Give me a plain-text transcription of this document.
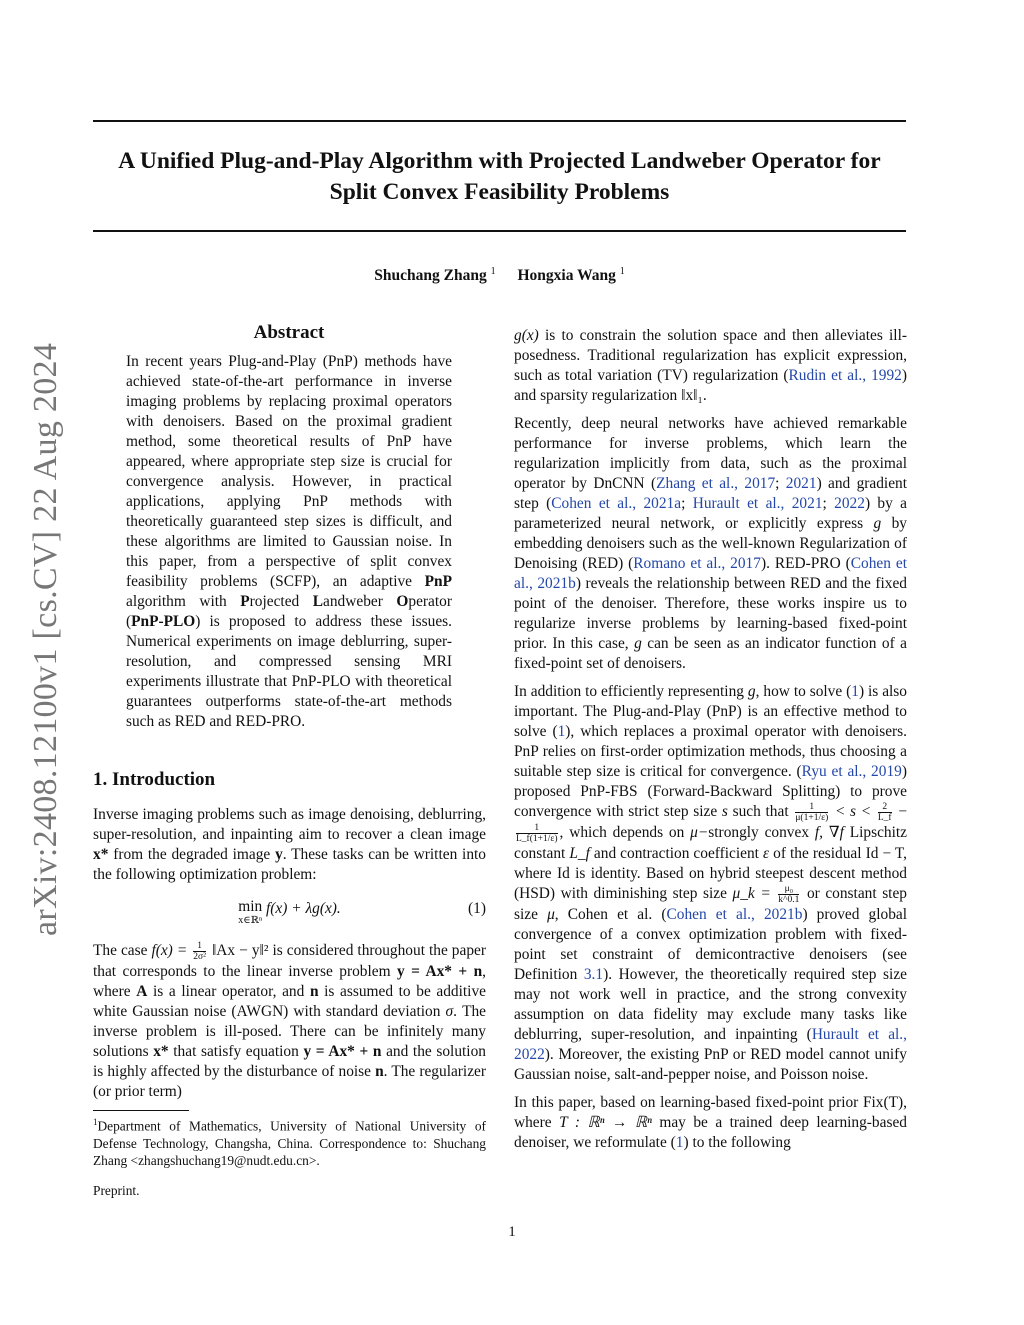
arXiv:2408.12100v1 [cs.CV] 22 Aug 2024
A Unified Plug-and-Play Algorithm with Projected Landweber Operator for
Split Convex Feasibility Problems
Shuchang Zhang $^1$ Hongxia Wang $^1$
Abstract
In recent years Plug-and-Play (PnP) methods have achieved state-of-the-art performance in inverse imaging problems by replacing proximal operators with denoisers. Based on the proximal gradient method, some theoretical results of PnP have appeared, where appropriate step size is crucial for convergence analysis. However, in practical applications, applying PnP methods with theoretically guaranteed step sizes is difficult, and these algorithms are limited to Gaussian noise. In this paper, from a perspective of split convex feasibility problems (SCFP), an adaptive PnP algorithm with Projected Landweber Operator (PnP-PLO) is proposed to address these issues. Numerical experiments on image deblurring, super-resolution, and compressed sensing MRI experiments illustrate that PnP-PLO with theoretical guarantees outperforms state-of-the-art methods such as RED and RED-PRO.
1. Introduction
Inverse imaging problems such as image denoising, deblurring, super-resolution, and inpainting aim to recover a clean image x* from the degraded image y. These tasks can be written into the following optimization problem:
min
x∈ℝⁿ
f(x) + λg(x).	(1)
The case $f(x) = \frac{1}{\text{2σ²}}$ ‖Ax − y‖² is considered throughout the paper that corresponds to the linear inverse problem y = Ax* + n, where A is a linear operator, and n is assumed to be additive white Gaussian noise (AWGN) with standard deviation σ. The inverse problem is ill-posed. There can be infinitely many solutions x* that satisfy equation y = Ax* + n and the solution is highly affected by the disturbance of noise n. The regularizer (or prior term)
$^1$Department of Mathematics, University of National University of Defense Technology, Changsha, China. Correspondence to: Shuchang Zhang <zhangshuchang19@nudt.edu.cn>.
Preprint.

g(x) is to constrain the solution space and then alleviates ill-posedness. Traditional regularization has explicit expression, such as total variation (TV) regularization (Rudin et al., 1992) and sparsity regularization ‖x‖₁.

Recently, deep neural networks have achieved remarkable performance for inverse problems, which learn the regularization implicitly from data, such as the proximal operator by DnCNN (Zhang et al., 2017; 2021) and gradient step (Cohen et al., 2021a; Hurault et al., 2021; 2022) by a parameterized neural network, or explicitly express g by embedding denoisers such as the well-known Regularization of Denoising (RED) (Romano et al., 2017). RED-PRO (Cohen et al., 2021b) reveals the relationship between RED and the fixed point of the denoiser. Therefore, these works inspire us to regularize inverse problems by learning-based fixed-point prior. In this case, g can be seen as an indicator function of a fixed-point set of denoisers.

In addition to efficiently representing g, how to solve (1) is also important. The Plug-and-Play (PnP) is an effective method to solve (1), which replaces a proximal operator with denoisers. PnP relies on first-order optimization methods, thus choosing a suitable step size is critical for convergence. (Ryu et al., 2019) proposed PnP-FBS (Forward-Backward Splitting) to prove convergence with strict step size s such that $\frac{1}{\mu(1+1/\varepsilon)} < s < \frac{2}{L\_f}$ −
$\frac{1}{L\_f(1+1/\varepsilon)}$ , which depends on μ−strongly convex f, ∇f Lipschitz constant L_f and contraction coefficient ε of the residual Id − T, where Id is identity. Based on hybrid steepest descent method (HSD) with diminishing step size μ_k = $\frac{\text{μ₀}}{k\^{}0.1}$ or constant step size μ, Cohen et al. (Cohen et al., 2021b) proved global convergence of a convex optimization problem with fixed-point set constraint of demicontractive denoisers (see Definition 3.1). However, the theoretically required step size may not work well in practice, and the strong convexity assumption on data fidelity may exclude many tasks like deblurring, super-resolution, and inpainting (Hurault et al., 2022). Moreover, the existing PnP or RED model cannot unify Gaussian noise, salt-and-pepper noise, and Poisson noise.

In this paper, based on learning-based fixed-point prior Fix(T), where T : ℝⁿ → ℝⁿ may be a trained deep learning-based denoiser, we reformulate (1) to the following

1
